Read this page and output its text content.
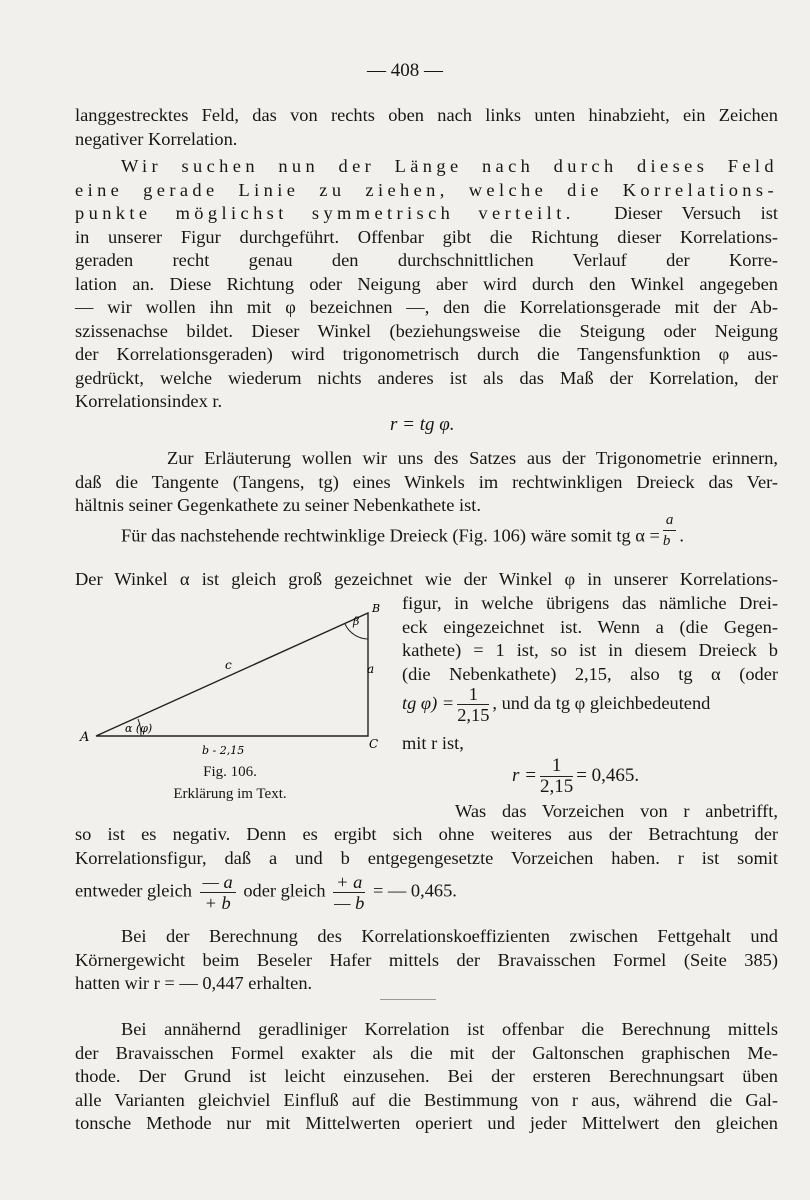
— 408 —
langgestrecktes Feld, das von rechts oben nach links unten hinabzieht, ein Zeichen
negativer Korrelation.
Wir suchen nun der Länge nach durch dieses Feld
eine gerade Linie zu ziehen, welche die Korrelations-
punkte möglichst symmetrisch verteilt. Dieser Versuch ist
in unserer Figur durchgeführt. Offenbar gibt die Richtung dieser Korrelations-
geraden recht genau den durchschnittlichen Verlauf der Korre-
lation an. Diese Richtung oder Neigung aber wird durch den Winkel angegeben
— wir wollen ihn mit φ bezeichnen —, den die Korrelationsgerade mit der Ab-
szissenachse bildet. Dieser Winkel (beziehungsweise die Steigung oder Neigung
der Korrelationsgeraden) wird trigonometrisch durch die Tangensfunktion φ aus-
gedrückt, welche wiederum nichts anderes ist als das Maß der Korrelation, der
Korrelationsindex r.
r = tg φ.
Zur Erläuterung wollen wir uns des Satzes aus der Trigonometrie erinnern,
daß die Tangente (Tangens, tg) eines Winkels im rechtwinkligen Dreieck das Ver-
hältnis seiner Gegenkathete zu seiner Nebenkathete ist.
Für das nachstehende rechtwinklige Dreieck (Fig. 106) wäre somit tg $\alpha = \frac{a}{b}$ .
Der Winkel α ist gleich groß gezeichnet wie der Winkel φ in unserer Korrelations-
A
B
C
a
b - 2,15
c
α (φ)
β
Fig. 106.
Erklärung im Text.
figur, in welche übrigens das nämliche Drei-
eck eingezeichnet ist. Wenn a (die Gegen-
kathete) = 1 ist, so ist in diesem Dreieck b
(die Nebenkathete) 2,15, also tg α (oder
tg $\varphi) = \frac{1}{2,15}$ , und da tg φ gleichbedeutend
mit r ist,
$r = \frac{1}{2,15} = 0,465$.
Was das Vorzeichen von r anbetrifft,
so ist es negativ. Denn es ergibt sich ohne weiteres aus der Betrachtung der
Korrelationsfigur, daß a und b entgegengesetzte Vorzeichen haben. r ist somit
entweder gleich $\frac{— a}{+ b}$ oder gleich $\frac{+ a}{— b}$ = — 0,465.
Bei der Berechnung des Korrelationskoeffizienten zwischen Fettgehalt und
Körnergewicht beim Beseler Hafer mittels der Bravaisschen Formel (Seite 385)
hatten wir r = — 0,447 erhalten.
Bei annähernd geradliniger Korrelation ist offenbar die Berechnung mittels
der Bravaisschen Formel exakter als die mit der Galtonschen graphischen Me-
thode. Der Grund ist leicht einzusehen. Bei der ersteren Berechnungsart üben
alle Varianten gleichviel Einfluß auf die Bestimmung von r aus, während die Gal-
tonsche Methode nur mit Mittelwerten operiert und jeder Mittelwert den gleichen
